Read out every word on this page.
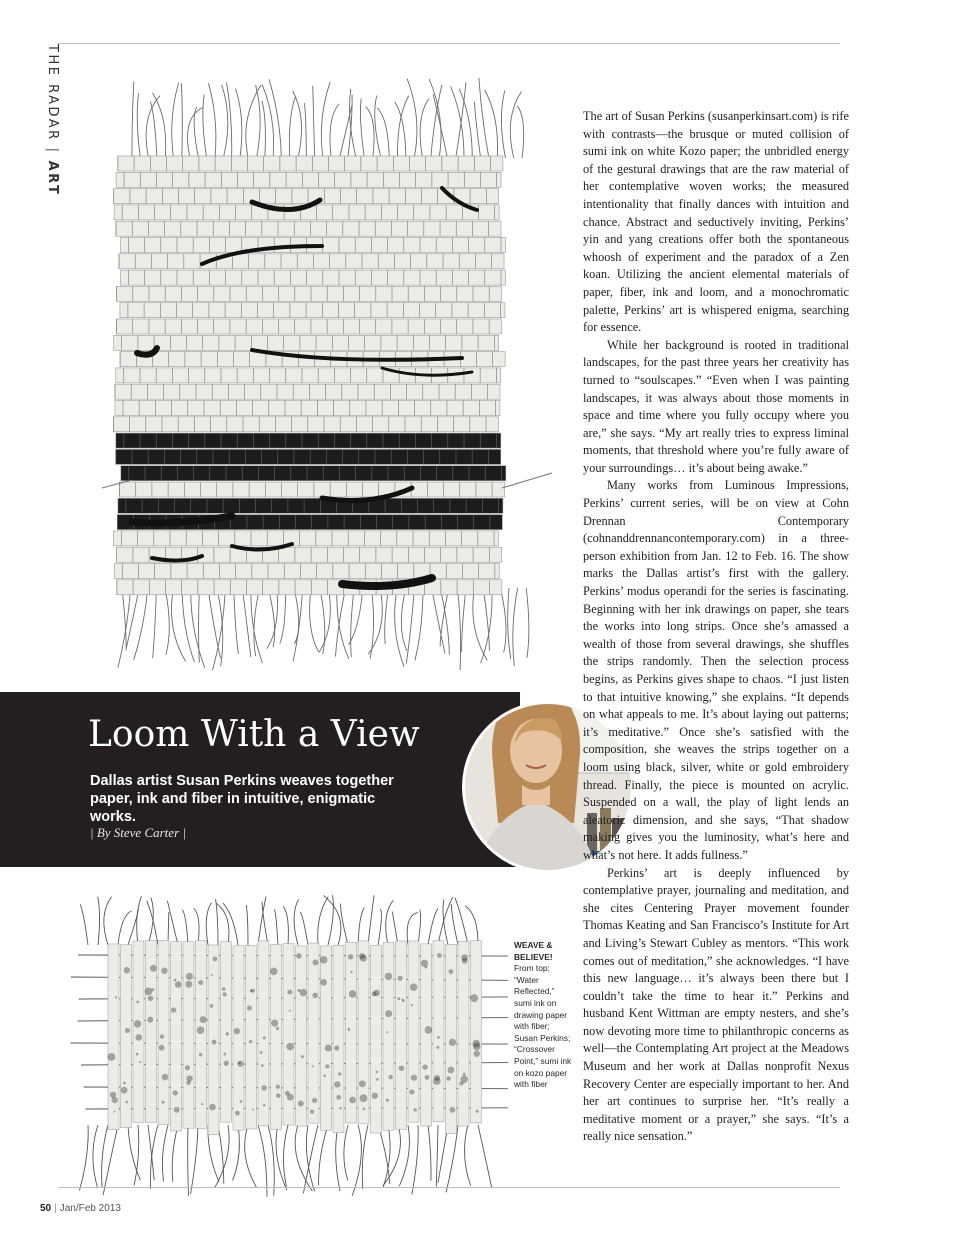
THE RADAR|ART
Loom With a View

Dallas artist Susan Perkins weaves together paper, ink and fiber in intuitive, enigmatic works.

| By Steve Carter |
WEAVE & BELIEVE!
From top: “Water Reflected,” sumi ink on drawing paper with fiber; Susan Perkins; “Crossover Point,” sumi ink on kozo paper with fiber

The art of Susan Perkins (susanperkinsart.com) is rife with contrasts—the brusque or muted collision of sumi ink on white Kozo paper; the unbridled energy of the gestural drawings that are the raw material of her contemplative woven works; the measured intentionality that finally dances with intuition and chance. Abstract and seductively inviting, Perkins’ yin and yang creations offer both the spontaneous whoosh of experiment and the paradox of a Zen koan. Utilizing the ancient elemental materials of paper, fiber, ink and loom, and a monochromatic palette, Perkins’ art is whispered enigma, searching for essence.

While her background is rooted in traditional landscapes, for the past three years her creativity has turned to “soulscapes.” “Even when I was painting landscapes, it was always about those moments in space and time where you fully occupy where you are,” she says. “My art really tries to express liminal moments, that threshold where you’re fully aware of your surroundings… it’s about being awake.”

Many works from Luminous Impressions, Perkins’ current series, will be on view at Cohn Drennan Contemporary (cohnanddrennancontemporary.com) in a three-person exhibition from Jan. 12 to Feb. 16. The show marks the Dallas artist’s first with the gallery. Perkins’ modus operandi for the series is fascinating. Beginning with her ink drawings on paper, she tears the works into long strips. Once she’s amassed a wealth of those from several drawings, she shuffles the strips randomly. Then the selection process begins, as Perkins gives shape to chaos. “I just listen to that intuitive knowing,” she explains. “It depends on what appeals to me. It’s about laying out patterns; it’s meditative.” Once she’s satisfied with the composition, she weaves the strips together on a loom using black, silver, white or gold embroidery thread. Finally, the piece is mounted on acrylic. Suspended on a wall, the play of light lends an aleatoric dimension, and she says, “That shadow making gives you the luminosity, what’s here and what’s not here. It adds fullness.”

Perkins’ art is deeply influenced by contemplative prayer, journaling and meditation, and she cites Centering Prayer movement founder Thomas Keating and San Francisco’s Institute for Art and Living’s Stewart Cubley as mentors. “This work comes out of meditation,” she acknowledges. “I have this new language… it’s always been there but I couldn’t take the time to hear it.” Perkins and husband Kent Wittman are empty nesters, and she’s now devoting more time to philanthropic concerns as well—the Contemplating Art project at the Meadows Museum and her work at Dallas nonprofit Nexus Recovery Center are especially important to her. And her art continues to surprise her. “It’s really a meditative moment or a prayer,” she says. “It’s a really nice sensation.”

50 | Jan/Feb 2013
